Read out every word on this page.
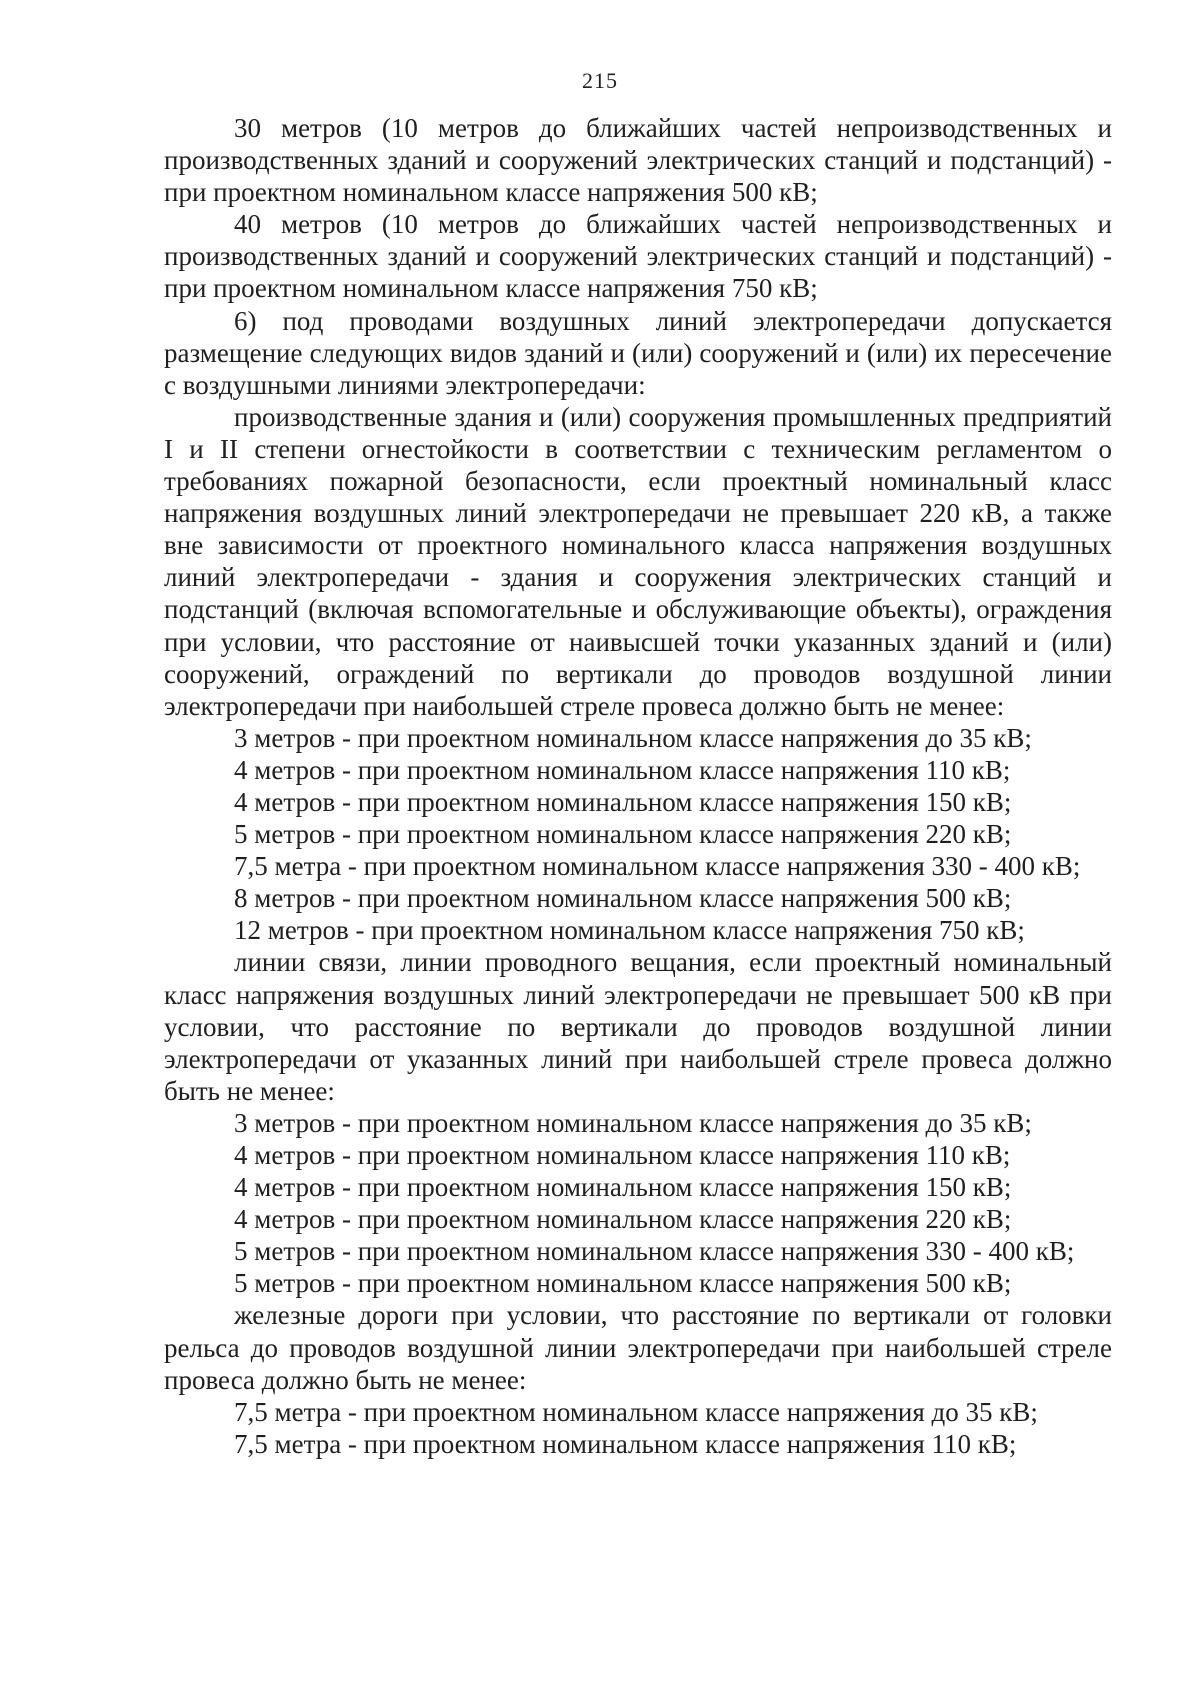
215

30 метров (10 метров до ближайших частей непроизводственных и производственных зданий и сооружений электрических станций и подстанций) - при проектном номинальном классе напряжения 500 кВ;

40 метров (10 метров до ближайших частей непроизводственных и производственных зданий и сооружений электрических станций и подстанций) - при проектном номинальном классе напряжения 750 кВ;

6) под проводами воздушных линий электропередачи допускается размещение следующих видов зданий и (или) сооружений и (или) их пересечение с воздушными линиями электропередачи:

производственные здания и (или) сооружения промышленных предприятий I и II степени огнестойкости в соответствии с техническим регламентом о требованиях пожарной безопасности, если проектный номинальный класс напряжения воздушных линий электропередачи не превышает 220 кВ, а также вне зависимости от проектного номинального класса напряжения воздушных линий электропередачи - здания и сооружения электрических станций и подстанций (включая вспомогательные и обслуживающие объекты), ограждения при условии, что расстояние от наивысшей точки указанных зданий и (или) сооружений, ограждений по вертикали до проводов воздушной линии электропередачи при наибольшей стреле провеса должно быть не менее:

3 метров - при проектном номинальном классе напряжения до 35 кВ;

4 метров - при проектном номинальном классе напряжения 110 кВ;

4 метров - при проектном номинальном классе напряжения 150 кВ;

5 метров - при проектном номинальном классе напряжения 220 кВ;

7,5 метра - при проектном номинальном классе напряжения 330 - 400 кВ;

8 метров - при проектном номинальном классе напряжения 500 кВ;

12 метров - при проектном номинальном классе напряжения 750 кВ;

линии связи, линии проводного вещания, если проектный номинальный класс напряжения воздушных линий электропередачи не превышает 500 кВ при условии, что расстояние по вертикали до проводов воздушной линии электропередачи от указанных линий при наибольшей стреле провеса должно быть не менее:

3 метров - при проектном номинальном классе напряжения до 35 кВ;

4 метров - при проектном номинальном классе напряжения 110 кВ;

4 метров - при проектном номинальном классе напряжения 150 кВ;

4 метров - при проектном номинальном классе напряжения 220 кВ;

5 метров - при проектном номинальном классе напряжения 330 - 400 кВ;

5 метров - при проектном номинальном классе напряжения 500 кВ;

железные дороги при условии, что расстояние по вертикали от головки рельса до проводов воздушной линии электропередачи при наибольшей стреле провеса должно быть не менее:

7,5 метра - при проектном номинальном классе напряжения до 35 кВ;

7,5 метра - при проектном номинальном классе напряжения 110 кВ;
